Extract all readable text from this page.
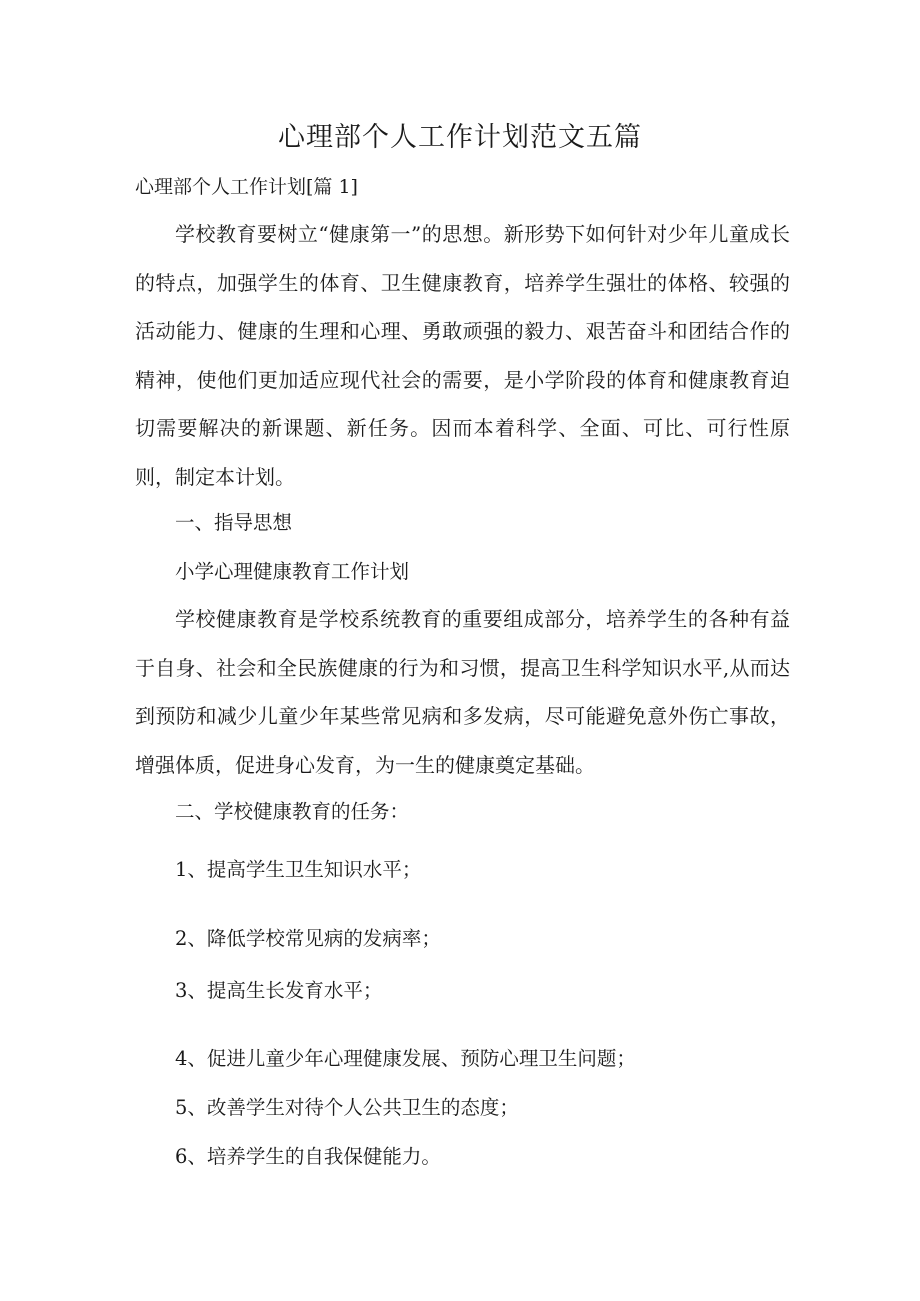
心理部个人工作计划范文五篇
心理部个人工作计划[篇 1]

学校教育要树立“健康第一”的思想。新形势下如何针对少年儿童成长的特点，加强学生的体育、卫生健康教育，培养学生强壮的体格、较强的活动能力、健康的生理和心理、勇敢顽强的毅力、艰苦奋斗和团结合作的精神，使他们更加适应现代社会的需要，是小学阶段的体育和健康教育迫切需要解决的新课题、新任务。因而本着科学、全面、可比、可行性原则，制定本计划。

一、指导思想
小学心理健康教育工作计划

学校健康教育是学校系统教育的重要组成部分，培养学生的各种有益于自身、社会和全民族健康的行为和习惯，提高卫生科学知识水平,从而达到预防和减少儿童少年某些常见病和多发病，尽可能避免意外伤亡事故，增强体质，促进身心发育，为一生的健康奠定基础。

二、学校健康教育的任务：
1、提高学生卫生知识水平；
2、降低学校常见病的发病率；
3、提高生长发育水平；
4、促进儿童少年心理健康发展、预防心理卫生问题；
5、改善学生对待个人公共卫生的态度；
6、培养学生的自我保健能力。
